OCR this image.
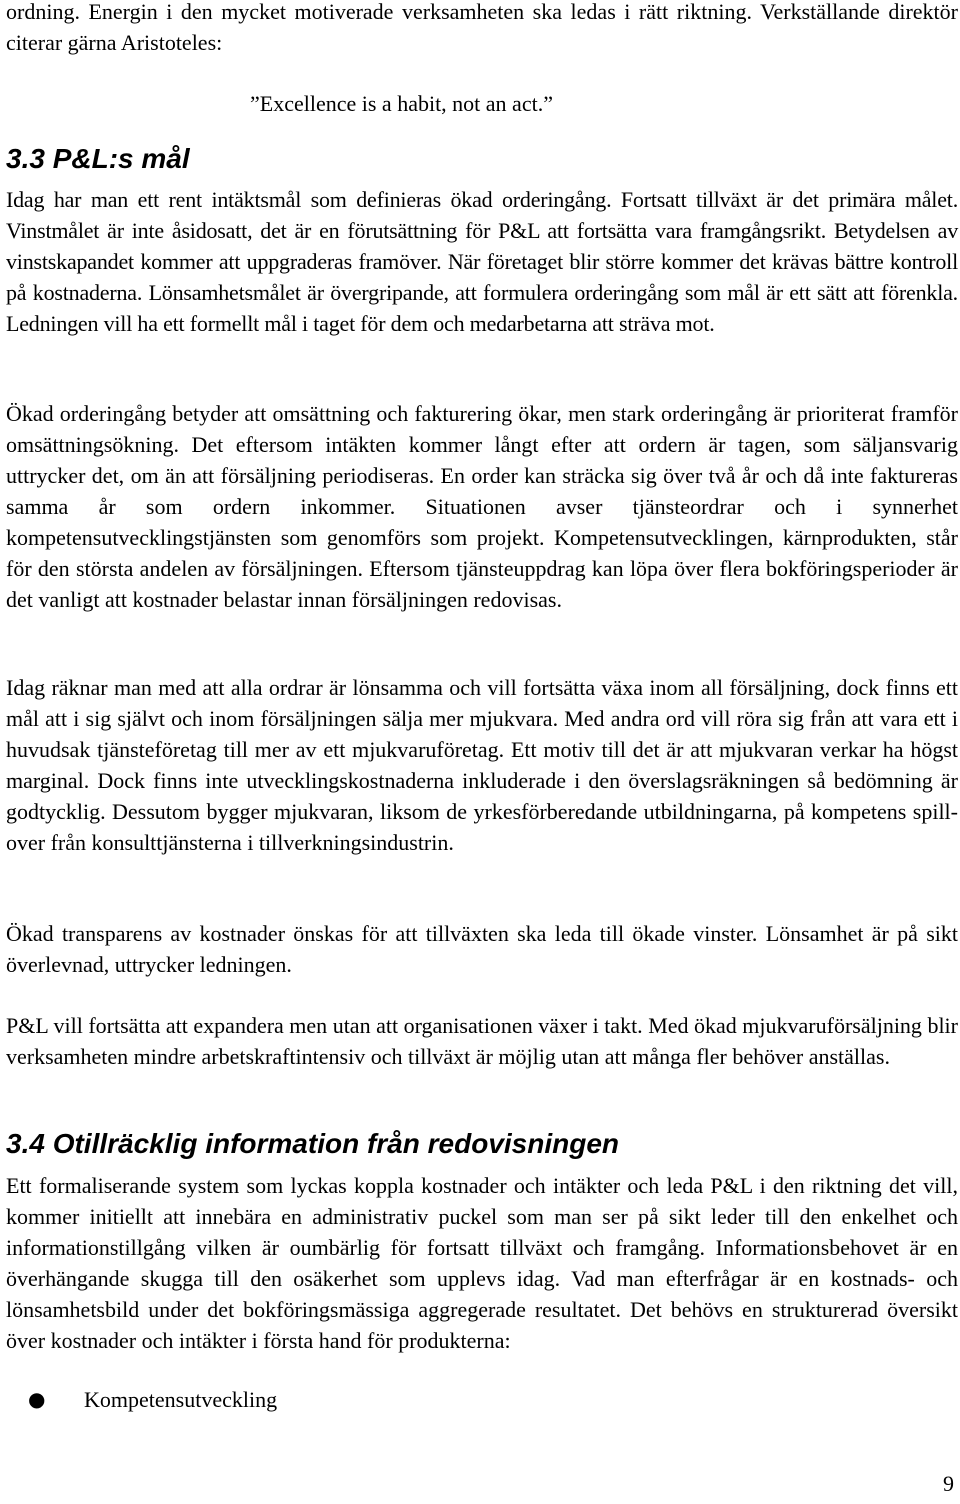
ordning. Energin i den mycket motiverade verksamheten ska ledas i rätt riktning. Verkställande direktör citerar gärna Aristoteles:

”Excellence is a habit, not an act.”

3.3 P&L:s mål

Idag har man ett rent intäktsmål som definieras ökad orderingång. Fortsatt tillväxt är det primära målet. Vinstmålet är inte åsidosatt, det är en förutsättning för P&L att fortsätta vara framgångsrikt. Betydelsen av vinstskapandet kommer att uppgraderas framöver. När företaget blir större kommer det krävas bättre kontroll på kostnaderna. Lönsamhetsmålet är övergripande, att formulera orderingång som mål är ett sätt att förenkla. Ledningen vill ha ett formellt mål i taget för dem och medarbetarna att sträva mot.

Ökad orderingång betyder att omsättning och fakturering ökar, men stark orderingång är prioriterat framför omsättningsökning. Det eftersom intäkten kommer långt efter att ordern är tagen, som säljansvarig uttrycker det, om än att försäljning periodiseras. En order kan sträcka sig över två år och då inte faktureras samma år som ordern inkommer. Situationen avser tjänsteordrar och i synnerhet kompetensutvecklingstjänsten som genomförs som projekt. Kompetensutvecklingen, kärnprodukten, står för den största andelen av försäljningen. Eftersom tjänsteuppdrag kan löpa över flera bokföringsperioder är det vanligt att kostnader belastar innan försäljningen redovisas.

Idag räknar man med att alla ordrar är lönsamma och vill fortsätta växa inom all försäljning, dock finns ett mål att i sig självt och inom försäljningen sälja mer mjukvara. Med andra ord vill röra sig från att vara ett i huvudsak tjänsteföretag till mer av ett mjukvaruföretag. Ett motiv till det är att mjukvaran verkar ha högst marginal. Dock finns inte utvecklingskostnaderna inkluderade i den överslagsräkningen så bedömning är godtycklig. Dessutom bygger mjukvaran, liksom de yrkesförberedande utbildningarna, på kompetens spill-over från konsulttjänsterna i tillverkningsindustrin.

Ökad transparens av kostnader önskas för att tillväxten ska leda till ökade vinster. Lönsamhet är på sikt överlevnad, uttrycker ledningen.

P&L vill fortsätta att expandera men utan att organisationen växer i takt. Med ökad mjukvaruförsäljning blir verksamheten mindre arbetskraftintensiv och tillväxt är möjlig utan att många fler behöver anställas.

3.4 Otillräcklig information från redovisningen

Ett formaliserande system som lyckas koppla kostnader och intäkter och leda P&L i den riktning det vill, kommer initiellt att innebära en administrativ puckel som man ser på sikt leder till den enkelhet och informationstillgång vilken är oumbärlig för fortsatt tillväxt och framgång. Informationsbehovet är en överhängande skugga till den osäkerhet som upplevs idag. Vad man efterfrågar är en kostnads- och lönsamhetsbild under det bokföringsmässiga aggregerade resultatet. Det behövs en strukturerad översikt över kostnader och intäkter i första hand för produkterna:

● Kompetensutveckling

9
